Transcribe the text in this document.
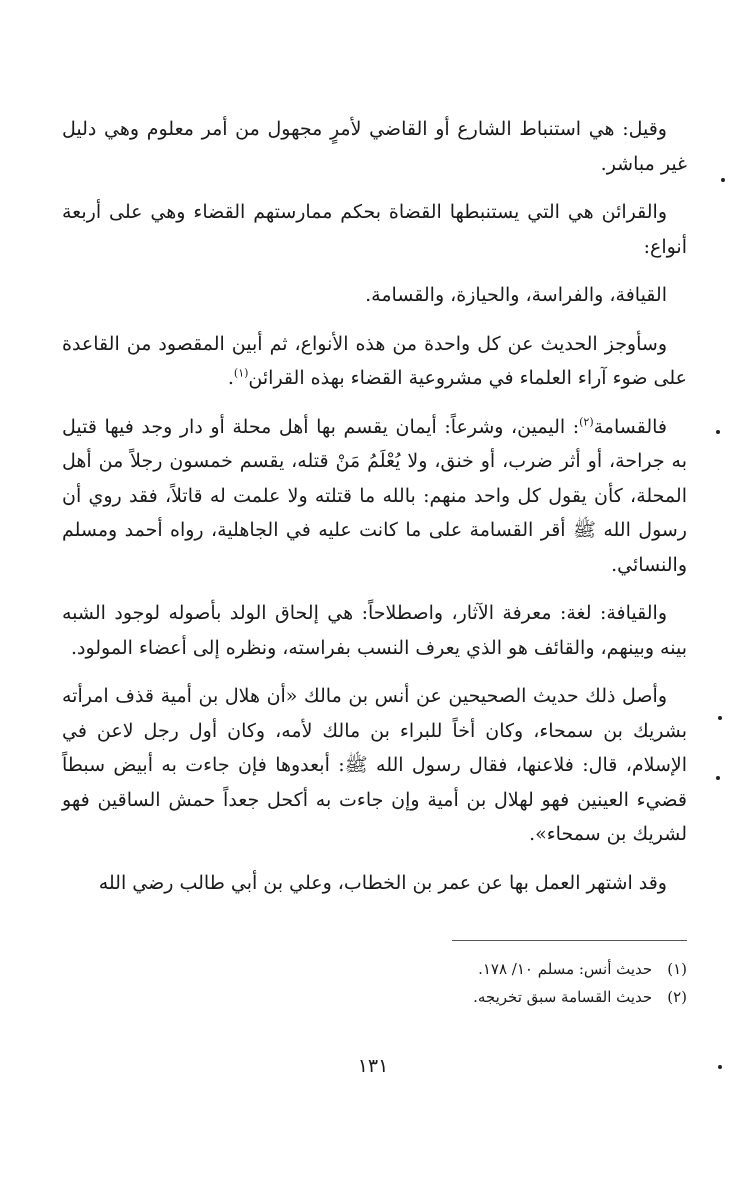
وقيل: هي استنباط الشارع أو القاضي لأمرٍ مجهول من أمر معلوم وهي دليل غير مباشر.

والقرائن هي التي يستنبطها القضاة بحكم ممارستهم القضاء وهي على أربعة أنواع:

القيافة، والفراسة، والحيازة، والقسامة.

وسأوجز الحديث عن كل واحدة من هذه الأنواع، ثم أبين المقصود من القاعدة على ضوء آراء العلماء في مشروعية القضاء بهذه القرائن$^{(١)}$.

فالقسامة$^{(٢)}$: اليمين، وشرعاً: أيمان يقسم بها أهل محلة أو دار وجد فيها قتيل به جراحة، أو أثر ضرب، أو خنق، ولا يُعْلَمُ مَنْ قتله، يقسم خمسون رجلاً من أهل المحلة، كأن يقول كل واحد منهم: بالله ما قتلته ولا علمت له قاتلاً، فقد روي أن رسول الله ﷺ أقر القسامة على ما كانت عليه في الجاهلية، رواه أحمد ومسلم والنسائي.

والقيافة: لغة: معرفة الآثار، واصطلاحاً: هي إلحاق الولد بأصوله لوجود الشبه بينه وبينهم، والقائف هو الذي يعرف النسب بفراسته، ونظره إلى أعضاء المولود.

وأصل ذلك حديث الصحيحين عن أنس بن مالك «أن هلال بن أمية قذف امرأته بشريك بن سمحاء، وكان أخاً للبراء بن مالك لأمه، وكان أول رجل لاعن في الإسلام، قال: فلاعنها، فقال رسول الله ﷺ: أبعدوها فإن جاءت به أبيض سبطاً قضيء العينين فهو لهلال بن أمية وإن جاءت به أكحل جعداً حمش الساقين فهو لشريك بن سمحاء».

وقد اشتهر العمل بها عن عمر بن الخطاب، وعلي بن أبي طالب رضي الله

(١) حديث أنس: مسلم ١٠/ ١٧٨.
(٢) حديث القسامة سبق تخريجه.
١٣١
